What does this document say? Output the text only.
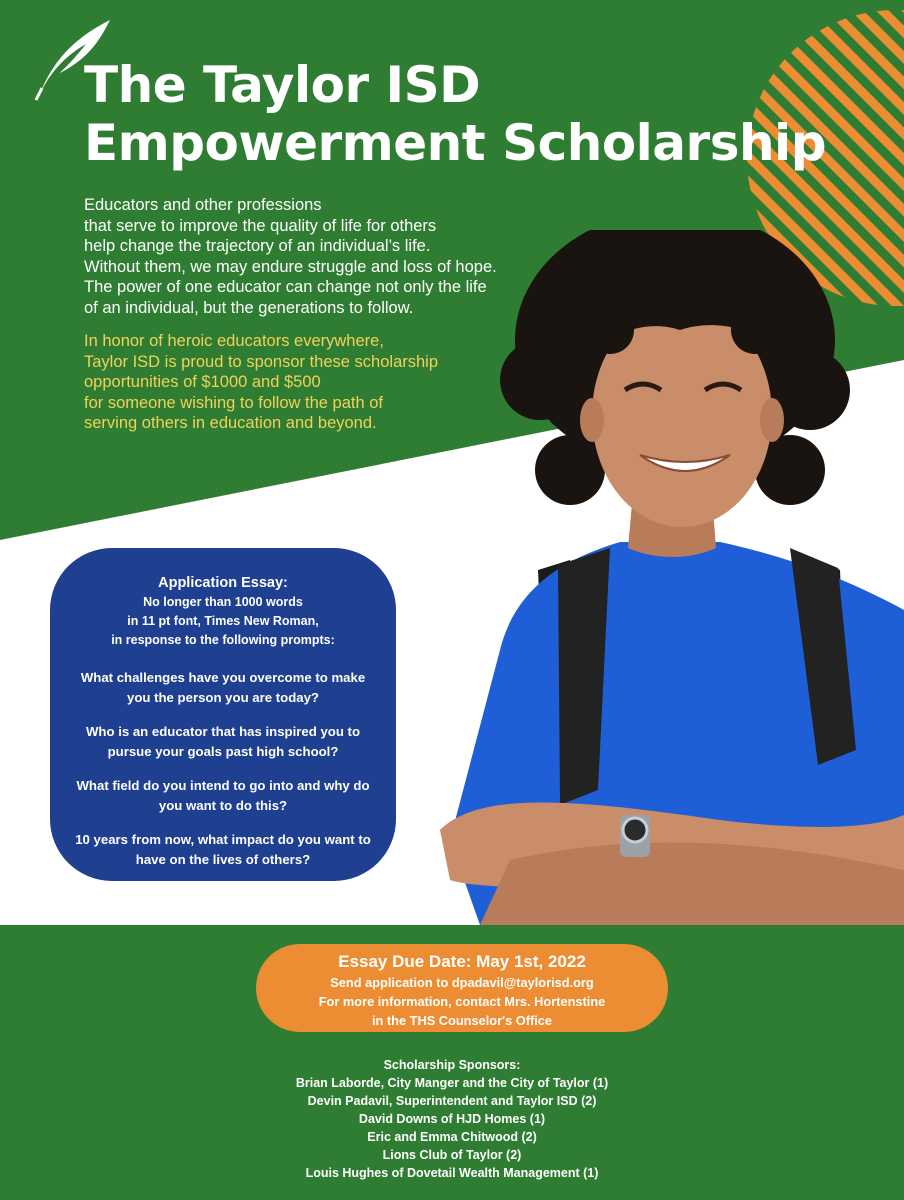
The Taylor ISD
Empowerment Scholarship
Educators and other professions
that serve to improve the quality of life for others
help change the trajectory of an individual’s life.
Without them, we may endure struggle and loss of hope.
The power of one educator can change not only the life
of an individual, but the generations to follow.
In honor of heroic educators everywhere,
Taylor ISD is proud to sponsor these scholarship
opportunities of $1000 and $500
for someone wishing to follow the path of
serving others in education and beyond.
Application Essay:
No longer than 1000 words
in 11 pt font, Times New Roman,
in response to the following prompts:
What challenges have you overcome to make you the person you are today?
Who is an educator that has inspired you to pursue your goals past high school?
What field do you intend to go into and why do you want to do this?
10 years from now, what impact do you want to have on the lives of others?
Essay Due Date: May 1st, 2022
Send application to dpadavil@taylorisd.org
For more information, contact Mrs. Hortenstine
in the THS Counselor's Office
Scholarship Sponsors:
Brian Laborde, City Manger and the City of Taylor (1)
Devin Padavil, Superintendent and Taylor ISD (2)
David Downs of HJD Homes (1)
Eric and Emma Chitwood (2)
Lions Club of Taylor (2)
Louis Hughes of Dovetail Wealth Management (1)
